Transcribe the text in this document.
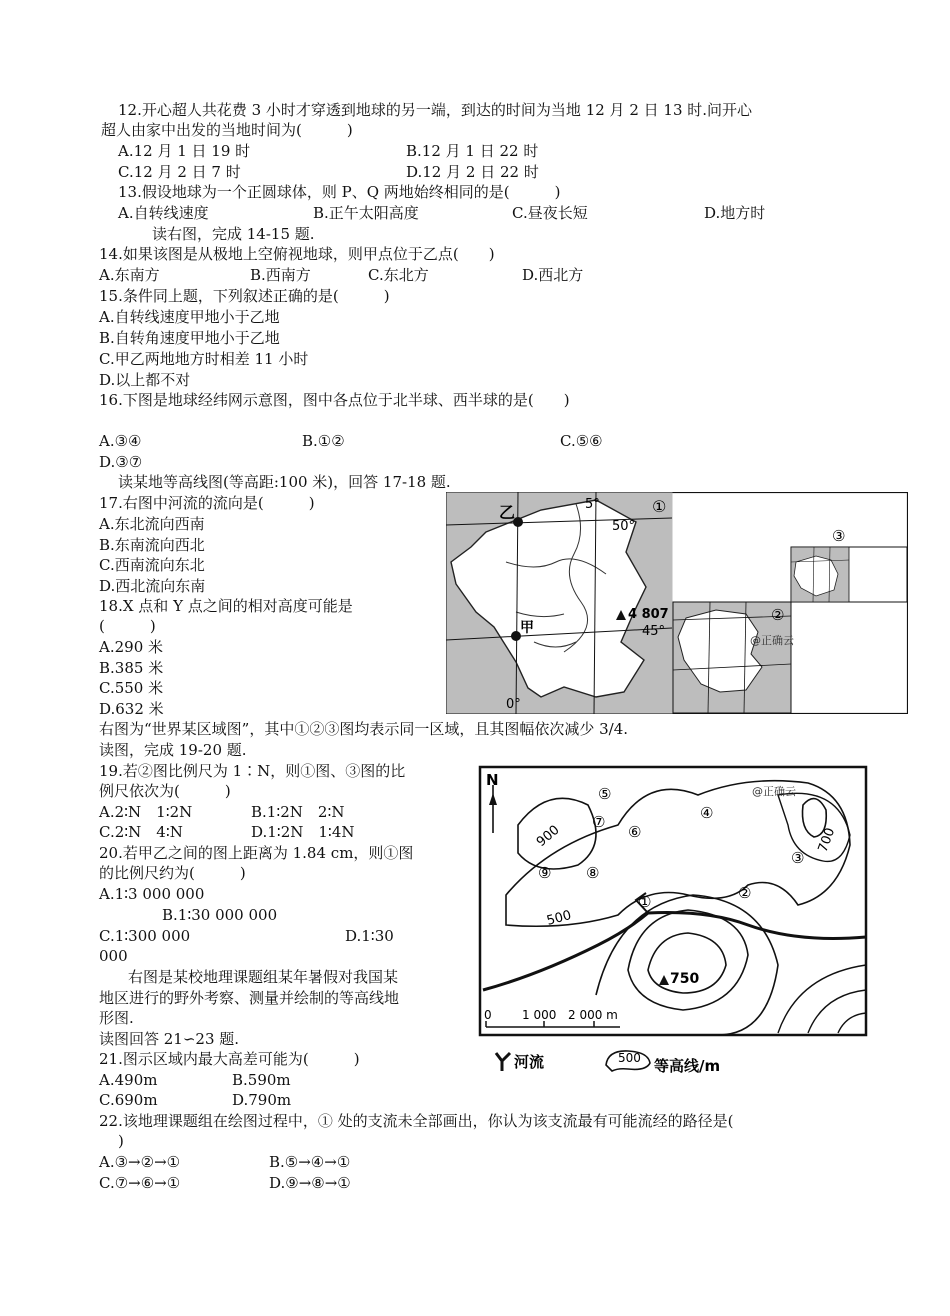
12.开心超人共花费 3 小时才穿透到地球的另一端，到达的时间为当地 12 月 2 日 13 时.问开心
超人由家中出发的当地时间为(　　　)
A.12 月 1 日 19 时	B.12 月 1 日 22 时
C.12 月 2 日 7 时	D.12 月 2 日 22 时
13.假设地球为一个正圆球体，则 P、Q 两地始终相同的是(　　　)
A.自转线速度	B.正午太阳高度	C.昼夜长短	D.地方时
读右图，完成 14-15 题.
14.如果该图是从极地上空俯视地球，则甲点位于乙点(　　)
A.东南方	B.西南方	C.东北方	D.西北方
15.条件同上题，下列叙述正确的是(　　　)
A.自转线速度甲地小于乙地
B.自转角速度甲地小于乙地
C.甲乙两地地方时相差 11 小时
D.以上都不对
16.下图是地球经纬网示意图，图中各点位于北半球、西半球的是(　　)
A.③④	B.①②	C.⑤⑥
D.③⑦
读某地等高线图(等高距:100 米)，回答 17-18 题.
17.右图中河流的流向是(　　　)
A.东北流向西南
B.东南流向西北
C.西南流向东北
D.西北流向东南
18.X 点和 Y 点之间的相对高度可能是
(　　　)
A.290 米
B.385 米
C.550 米
D.632 米
右图为“世界某区域图”，其中①②③图均表示同一区域，且其图幅依次减少 3/4.
读图，完成 19-20 题.
19.若②图比例尺为 1∶N，则①图、③图的比
例尺依次为(　　　)
A.2∶N　1∶2N	B.1∶2N　2∶N
C.2∶N　4∶N	D.1∶2N　1∶4N
20.若甲乙之间的图上距离为 1.84 cm，则①图
的比例尺约为(　　　)
A.1∶3 000 000
B.1∶30 000 000
C.1∶300 000	D.1∶30
000
右图是某校地理课题组某年暑假对我国某
地区进行的野外考察、测量并绘制的等高线地
形图.
读图回答 21∽23 题.
21.图示区域内最大高差可能为(　　　)
A.490m	B.590m
C.690m	D.790m
22.该地理课题组在绘图过程中，① 处的支流未全部画出，你认为该支流最有可能流经的路径是(
)
A.③→②→①	B.⑤→④→①
C.⑦→⑥→①	D.⑨→⑧→①
乙
甲
5°
50°
4 807
45°
0°
①
②
@正确云
③
N
900	700
500
750
①	②
③
④
⑤
⑥
⑦
⑧
⑨
@正确云
0	1 000 2 000 m
河流	500 等高线/m
